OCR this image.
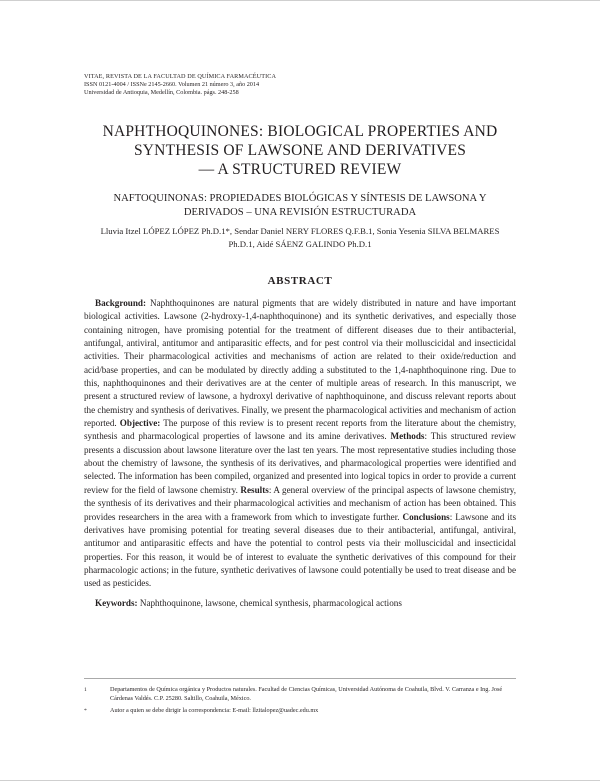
VITAE, REVISTA DE LA FACULTAD DE QUÍMICA FARMACÉUTICA
ISSN 0121-4004 / ISSNe 2145-2660. Volumen 21 número 3, año 2014
Universidad de Antioquia, Medellín, Colombia. págs. 248-258
NAPHTHOQUINONES: BIOLOGICAL PROPERTIES AND
SYNTHESIS OF LAWSONE AND DERIVATIVES
— A STRUCTURED REVIEW
NAFTOQUINONAS: PROPIEDADES BIOLÓGICAS Y SÍNTESIS DE LAWSONA Y
DERIVADOS – UNA REVISIÓN ESTRUCTURADA
Lluvia Itzel LÓPEZ LÓPEZ Ph.D.1*, Sendar Daniel NERY FLORES Q.F.B.1, Sonia Yesenia SILVA BELMARES
Ph.D.1, Aidé SÁENZ GALINDO Ph.D.1
ABSTRACT

Background: Naphthoquinones are natural pigments that are widely distributed in nature and have important biological activities. Lawsone (2-hydroxy-1,4-naphthoquinone) and its synthetic derivatives, and especially those containing nitrogen, have promising potential for the treatment of different diseases due to their antibacterial, antifungal, antiviral, antitumor and antiparasitic effects, and for pest control via their molluscicidal and insecticidal activities. Their pharmacological activities and mechanisms of action are related to their oxide/reduction and acid/base properties, and can be modulated by directly adding a substituted to the 1,4-naphthoquinone ring. Due to this, naphthoquinones and their derivatives are at the center of multiple areas of research. In this manuscript, we present a structured review of lawsone, a hydroxyl derivative of naphthoquinone, and discuss relevant reports about the chemistry and synthesis of derivatives. Finally, we present the pharmacological activities and mechanism of action reported. Objective: The purpose of this review is to present recent reports from the literature about the chemistry, synthesis and pharmacological properties of lawsone and its amine derivatives. Methods: This structured review presents a discussion about lawsone literature over the last ten years. The most representative studies including those about the chemistry of lawsone, the synthesis of its derivatives, and pharmacological properties were identified and selected. The information has been compiled, organized and presented into logical topics in order to provide a current review for the field of lawsone chemistry. Results: A general overview of the principal aspects of lawsone chemistry, the synthesis of its derivatives and their pharmacological activities and mechanism of action has been obtained. This provides researchers in the area with a framework from which to investigate further. Conclusions: Lawsone and its derivatives have promising potential for treating several diseases due to their antibacterial, antifungal, antiviral, antitumor and antiparasitic effects and have the potential to control pests via their molluscicidal and insecticidal properties. For this reason, it would be of interest to evaluate the synthetic derivatives of this compound for their pharmacologic actions; in the future, synthetic derivatives of lawsone could potentially be used to treat disease and be used as pesticides.

Keywords: Naphthoquinone, lawsone, chemical synthesis, pharmacological actions
1	Departamentos de Química orgánica y Productos naturales. Facultad de Ciencias Químicas, Universidad Autónoma de Coahuila, Blvd. V. Carranza e Ing. José Cárdenas Valdés. C.P. 25280. Saltillo, Coahuila, México.
*	Autor a quien se debe dirigir la correspondencia: E-mail: llzitalopez@uadec.edu.mx
